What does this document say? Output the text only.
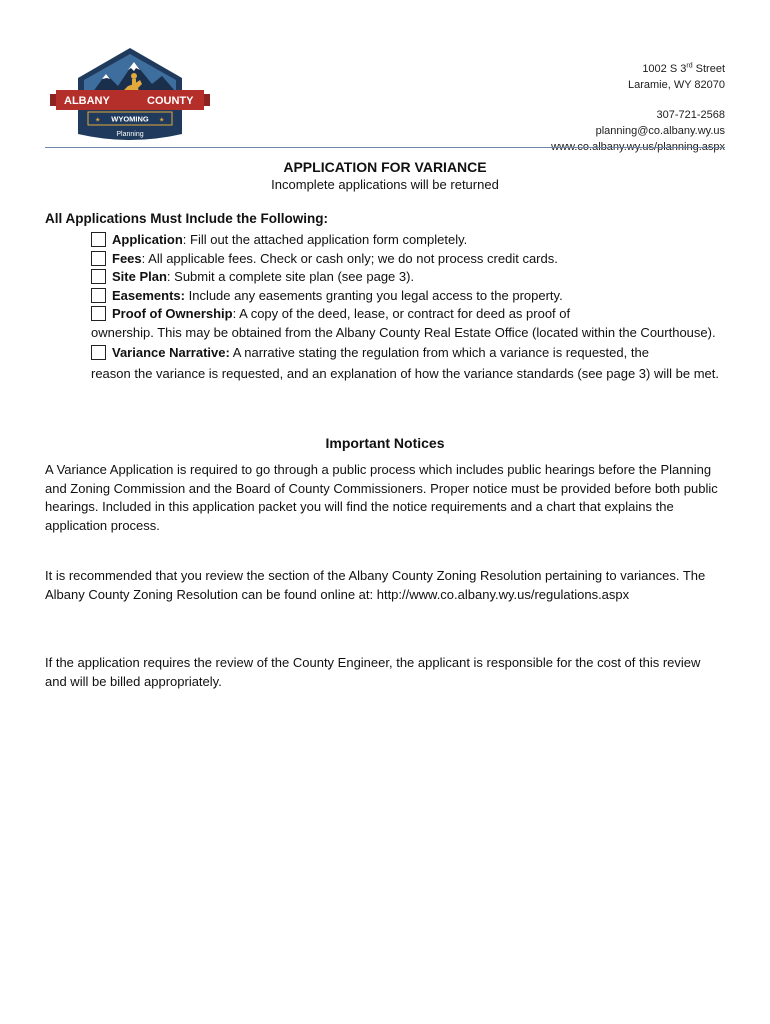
ALBANY	COUNTY
★	★
WYOMING
Planning
1002 S 3rd Street
Laramie, WY 82070
307-721-2568
planning@co.albany.wy.us
www.co.albany.wy.us/planning.aspx
APPLICATION FOR VARIANCE
Incomplete applications will be returned
All Applications Must Include the Following:

Application: Fill out the attached application form completely.

Fees: All applicable fees. Check or cash only; we do not process credit cards.

Site Plan: Submit a complete site plan (see page 3).

Easements: Include any easements granting you legal access to the property.

Proof of Ownership: A copy of the deed, lease, or contract for deed as proof of
ownership. This may be obtained from the Albany County Real Estate Office (located within the Courthouse).

Variance Narrative: A narrative stating the regulation from which a variance is requested, the
reason the variance is requested, and an explanation of how the variance standards (see page 3) will be met.

Important Notices

A Variance Application is required to go through a public process which includes public hearings before the Planning and Zoning Commission and the Board of County Commissioners. Proper notice must be provided before both public hearings. Included in this application packet you will find the notice requirements and a chart that explains the application process.

It is recommended that you review the section of the Albany County Zoning Resolution pertaining to variances. The Albany County Zoning Resolution can be found online at: http://www.co.albany.wy.us/regulations.aspx

If the application requires the review of the County Engineer, the applicant is responsible for the cost of this review and will be billed appropriately.
